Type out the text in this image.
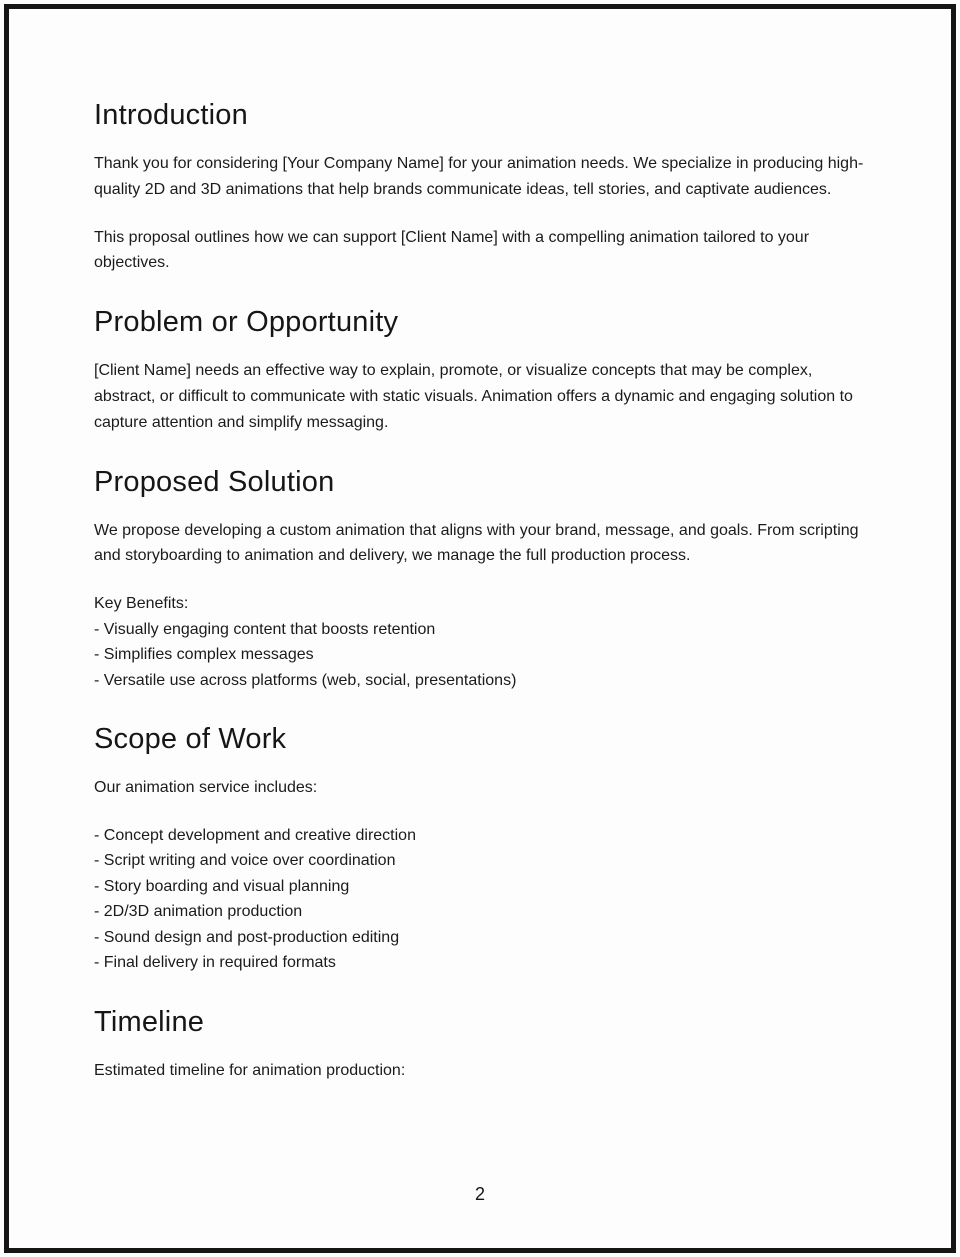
Introduction

Thank you for considering [Your Company Name] for your animation needs. We specialize in producing high-quality 2D and 3D animations that help brands communicate ideas, tell stories, and captivate audiences.

This proposal outlines how we can support [Client Name] with a compelling animation tailored to your objectives.

Problem or Opportunity

[Client Name] needs an effective way to explain, promote, or visualize concepts that may be complex, abstract, or difficult to communicate with static visuals. Animation offers a dynamic and engaging solution to capture attention and simplify messaging.

Proposed Solution

We propose developing a custom animation that aligns with your brand, message, and goals. From scripting and storyboarding to animation and delivery, we manage the full production process.

Key Benefits:

- Visually engaging content that boosts retention

- Simplifies complex messages

- Versatile use across platforms (web, social, presentations)

Scope of Work

Our animation service includes:

- Concept development and creative direction

- Script writing and voice over coordination

- Story boarding and visual planning

- 2D/3D animation production

- Sound design and post-production editing

- Final delivery in required formats

Timeline

Estimated timeline for animation production:

2
